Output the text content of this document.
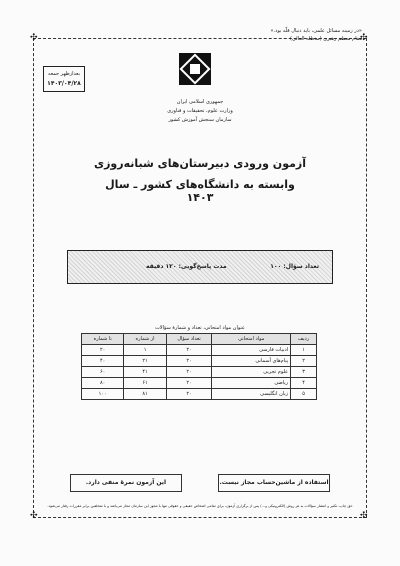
✣	✣
✣	✣
«در زمینه مسائل علمی، باید دنبال قلّه بود.»
مقام معظم رهبری (مدظله العالی)
بعدازظهر جمعه
۱۴۰۳/۰۴/۲۸
جمهوری اسلامی ایران
وزارت علوم، تحقیقات و فناوری
سازمان سنجش آموزش کشور
آزمون ورودی دبیرستان‌های شبانه‌روزی
وابسته به دانشگاه‌های کشور ـ سال ۱۴۰۳
تعداد سؤال: ۱۰۰
مدت پاسخ‌گویی: ۱۲۰ دقیقه
عنوان مواد امتحانی، تعداد و شمارهٔ سؤالات
ردیف	مواد امتحانی	تعداد سؤال	از شماره	تا شماره
۱	ادبیات فارسی	۲۰	۱	۲۰
۲	پیام‌های آسمانی	۲۰	۲۱	۴۰
۳	علوم تجربی	۲۰	۴۱	۶۰
۴	ریاضی	۲۰	۶۱	۸۰
۵	زبان انگلیسی	۲۰	۸۱	۱۰۰
استفاده از ماشین‌حساب مجاز نیست.
این آزمون نمرهٔ منفی دارد.
حق چاپ، تکثیر و انتشار سؤالات به هر روش (الکترونیکی و...) پس از برگزاری آزمون، برای تمامی اشخاص حقیقی و حقوقی تنها با مجوز این سازمان مجاز می‌باشد و با متخلفین برابر مقررات رفتار می‌شود.
